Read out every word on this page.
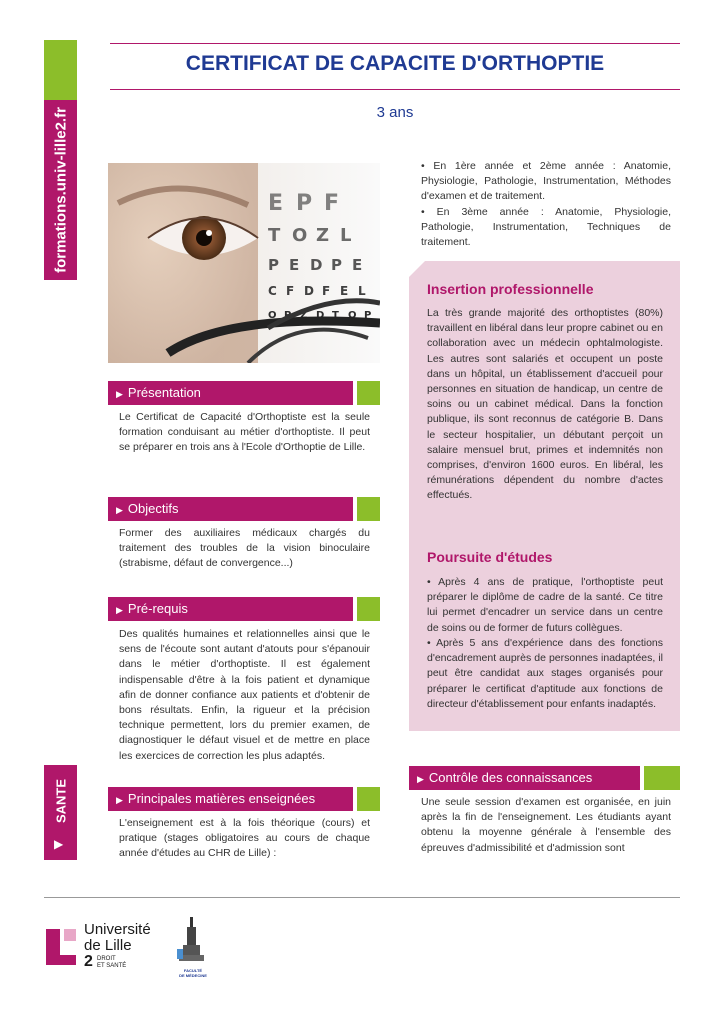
formations.univ-lille2.fr
SANTE
▶
CERTIFICAT DE CAPACITE D'ORTHOPTIE
3 ans
E P F
T O Z L
P E D P E
C F D F E L
O P Z D T O P
▶ Présentation

Le Certificat de Capacité d'Orthoptiste est la seule formation conduisant au métier d'orthoptiste. Il peut se préparer en trois ans à l'Ecole d'Orthoptie de Lille.

▶ Objectifs

Former des auxiliaires médicaux chargés du traitement des troubles de la vision binoculaire (strabisme, défaut de convergence...)

▶ Pré-requis

Des qualités humaines et relationnelles ainsi que le sens de l'écoute sont autant d'atouts pour s'épanouir dans le métier d'orthoptiste. Il est également indispensable d'être à la fois patient et dynamique afin de donner confiance aux patients et d'obtenir de bons résultats. Enfin, la rigueur et la précision technique permettent, lors du premier examen, de diagnostiquer le défaut visuel et de mettre en place les exercices de correction les plus adaptés.

▶ Principales matières enseignées

L'enseignement est à la fois théorique (cours) et pratique (stages obligatoires au cours de chaque année d'études au CHR de Lille) :

• En 1ère année et 2ème année : Anatomie, Physiologie, Pathologie, Instrumentation, Méthodes d'examen et de traitement.

• En 3ème année : Anatomie, Physiologie, Pathologie, Instrumentation, Techniques de traitement.

Insertion professionnelle

La très grande majorité des orthoptistes (80%) travaillent en libéral dans leur propre cabinet ou en collaboration avec un médecin ophtalmologiste. Les autres sont salariés et occupent un poste dans un hôpital, un établissement d'accueil pour personnes en situation de handicap, un centre de soins ou un cabinet médical. Dans la fonction publique, ils sont reconnus de catégorie B. Dans le secteur hospitalier, un débutant perçoit un salaire mensuel brut, primes et indemnités non comprises, d'environ 1600 euros. En libéral, les rémunérations dépendent du nombre d'actes effectués.

Poursuite d'études

• Après 4 ans de pratique, l'orthoptiste peut préparer le diplôme de cadre de la santé. Ce titre lui permet d'encadrer un service dans un centre de soins ou de former de futurs collègues.

• Après 5 ans d'expérience dans des fonctions d'encadrement auprès de personnes inadaptées, il peut être candidat aux stages organisés pour préparer le certificat d'aptitude aux fonctions de directeur d'établissement pour enfants inadaptés.

▶ Contrôle des connaissances

Une seule session d'examen est organisée, en juin après la fin de l'enseignement. Les étudiants ayant obtenu la moyenne générale à l'ensemble des épreuves d'admissibilité et d'admission sont

Université
de Lille
2 DROIT
ET SANTÉ
FACULTÉ
DE MÉDECINE
